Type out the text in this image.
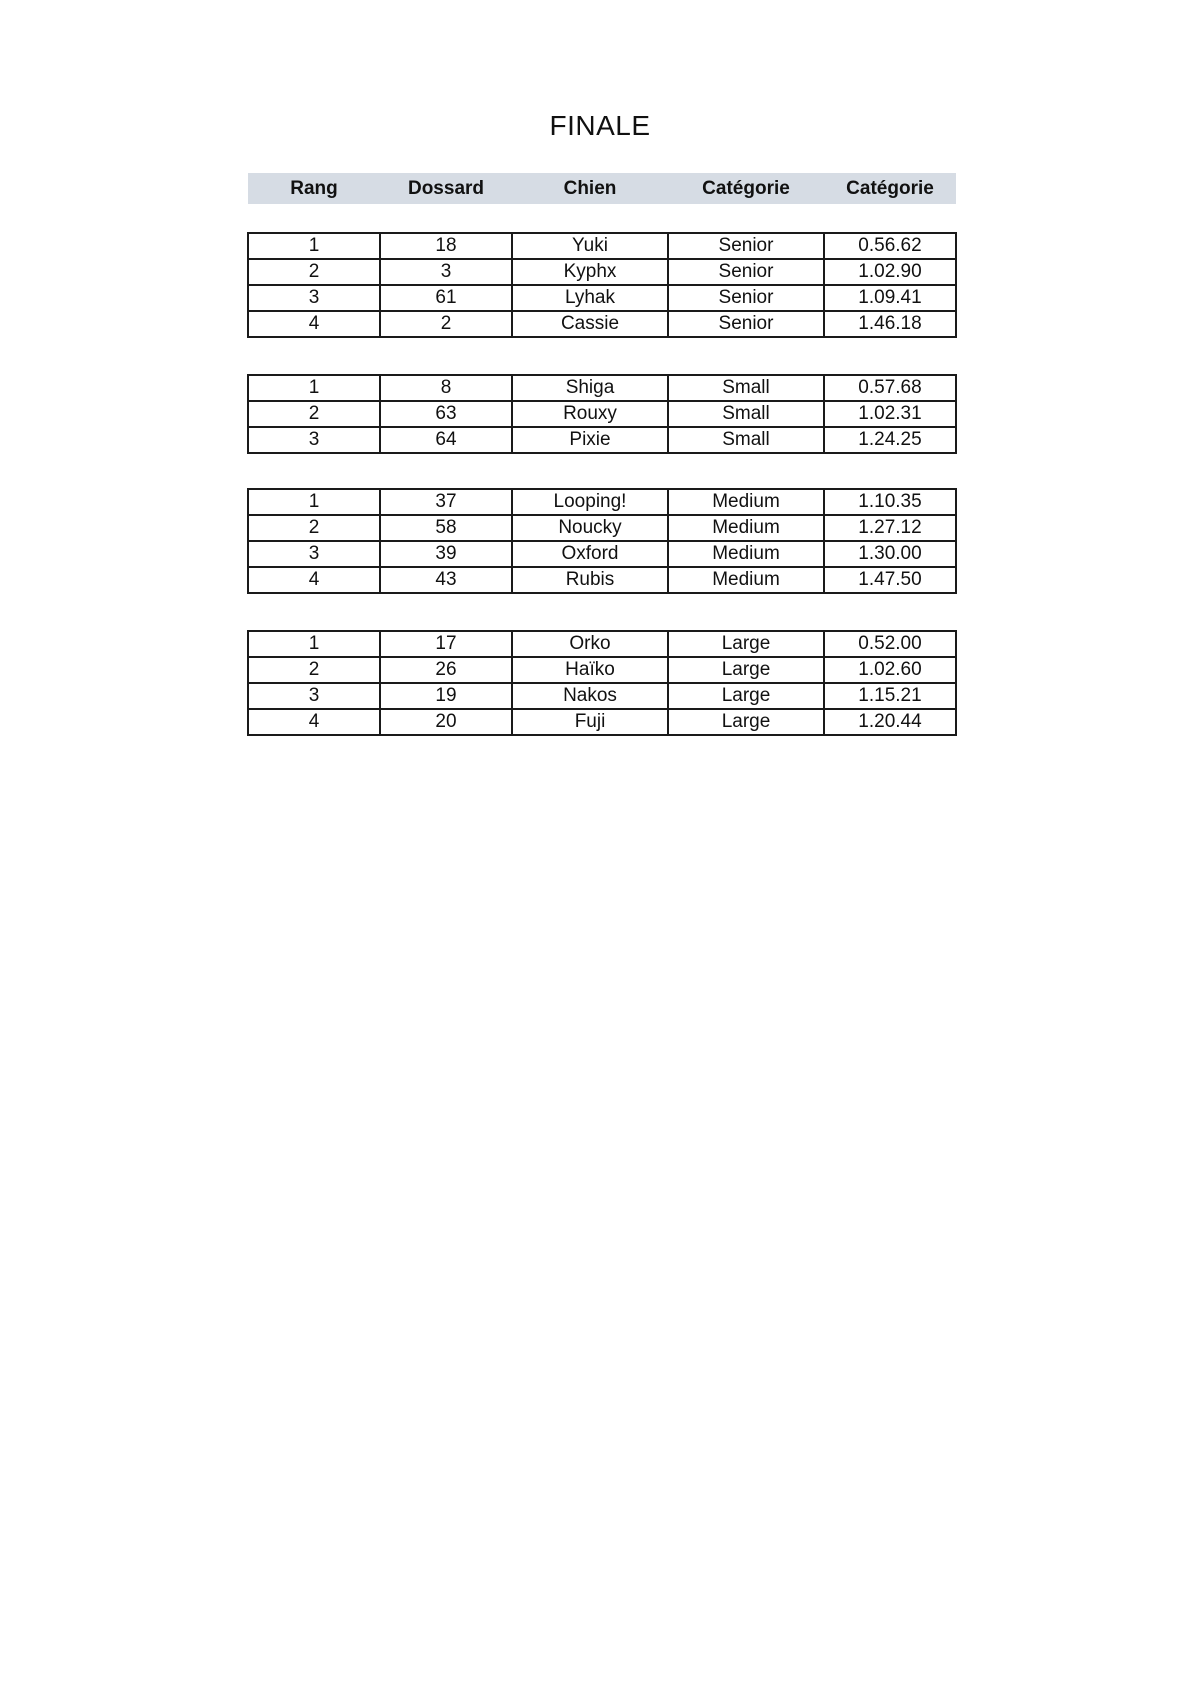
FINALE
Rang	Dossard	Chien	Catégorie	Catégorie
1	18	Yuki	Senior	0.56.62
2	3	Kyphx	Senior	1.02.90
3	61	Lyhak	Senior	1.09.41
4	2	Cassie	Senior	1.46.18
1	8	Shiga	Small	0.57.68
2	63	Rouxy	Small	1.02.31
3	64	Pixie	Small	1.24.25
1	37	Looping!	Medium	1.10.35
2	58	Noucky	Medium	1.27.12
3	39	Oxford	Medium	1.30.00
4	43	Rubis	Medium	1.47.50
1	17	Orko	Large	0.52.00
2	26	Haïko	Large	1.02.60
3	19	Nakos	Large	1.15.21
4	20	Fuji	Large	1.20.44
